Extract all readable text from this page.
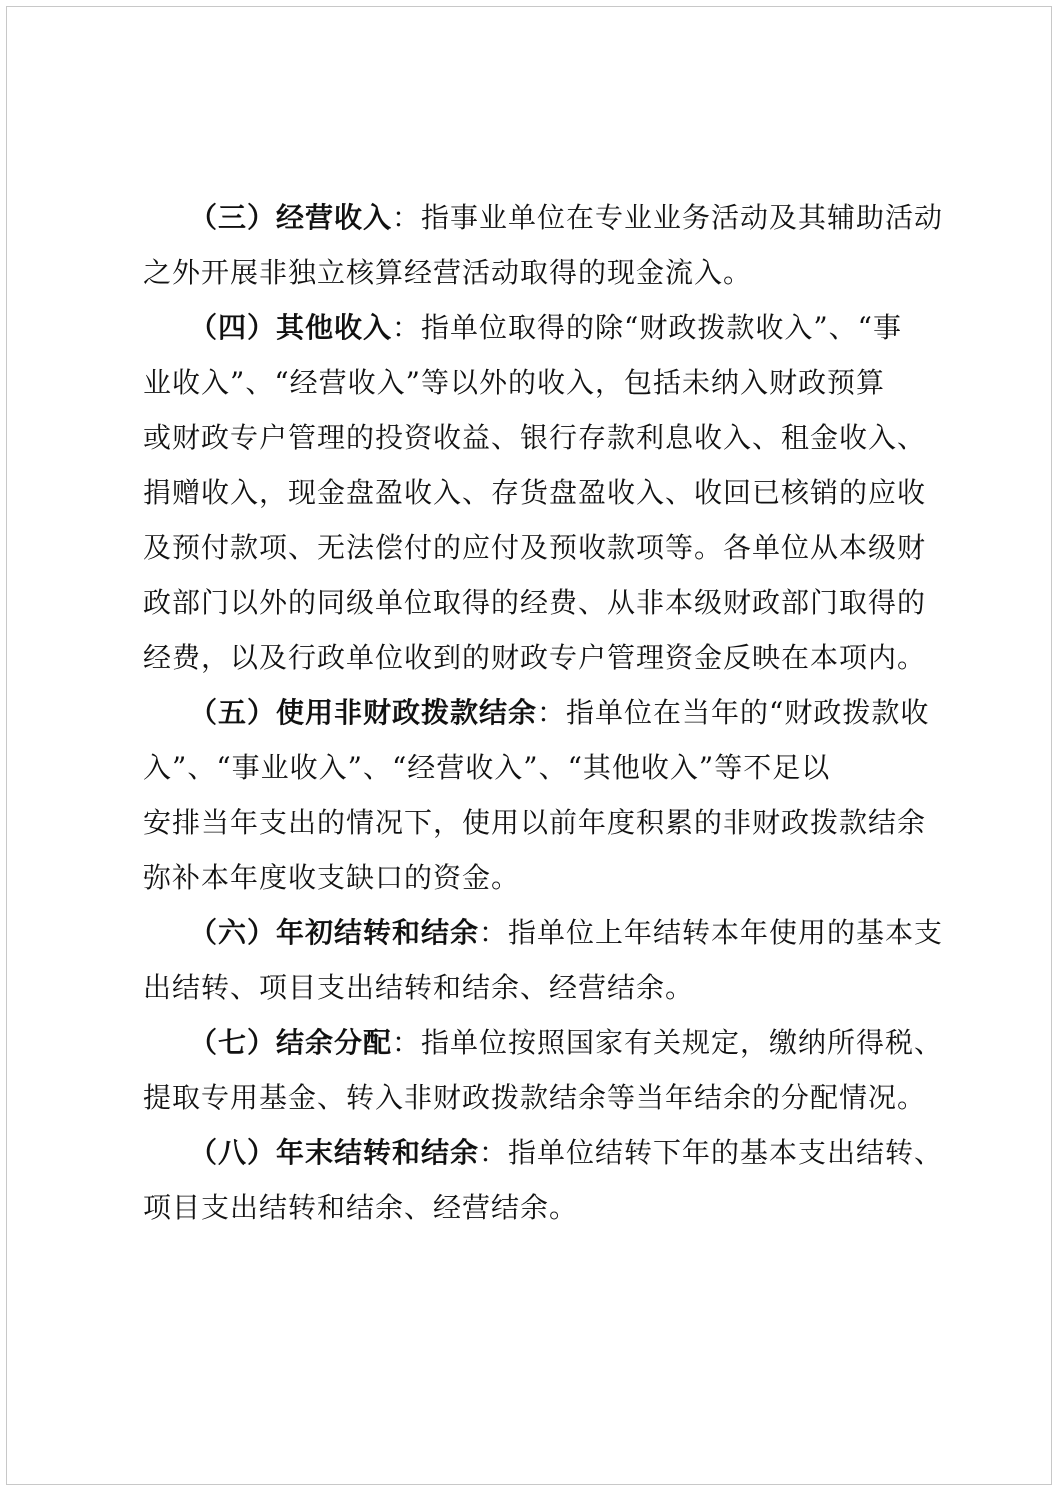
（三）经营收入：指事业单位在专业业务活动及其辅助活动
之外开展非独立核算经营活动取得的现金流入。
（四）其他收入：指单位取得的除“财政拨款收入”、“事
业收入”、“经营收入”等以外的收入，包括未纳入财政预算
或财政专户管理的投资收益、银行存款利息收入、租金收入、
捐赠收入，现金盘盈收入、存货盘盈收入、收回已核销的应收
及预付款项、无法偿付的应付及预收款项等。各单位从本级财
政部门以外的同级单位取得的经费、从非本级财政部门取得的
经费，以及行政单位收到的财政专户管理资金反映在本项内。
（五）使用非财政拨款结余：指单位在当年的“财政拨款收
入”、“事业收入”、“经营收入”、“其他收入”等不足以
安排当年支出的情况下，使用以前年度积累的非财政拨款结余
弥补本年度收支缺口的资金。
（六）年初结转和结余：指单位上年结转本年使用的基本支
出结转、项目支出结转和结余、经营结余。
（七）结余分配：指单位按照国家有关规定，缴纳所得税、
提取专用基金、转入非财政拨款结余等当年结余的分配情况。
（八）年末结转和结余：指单位结转下年的基本支出结转、
项目支出结转和结余、经营结余。
